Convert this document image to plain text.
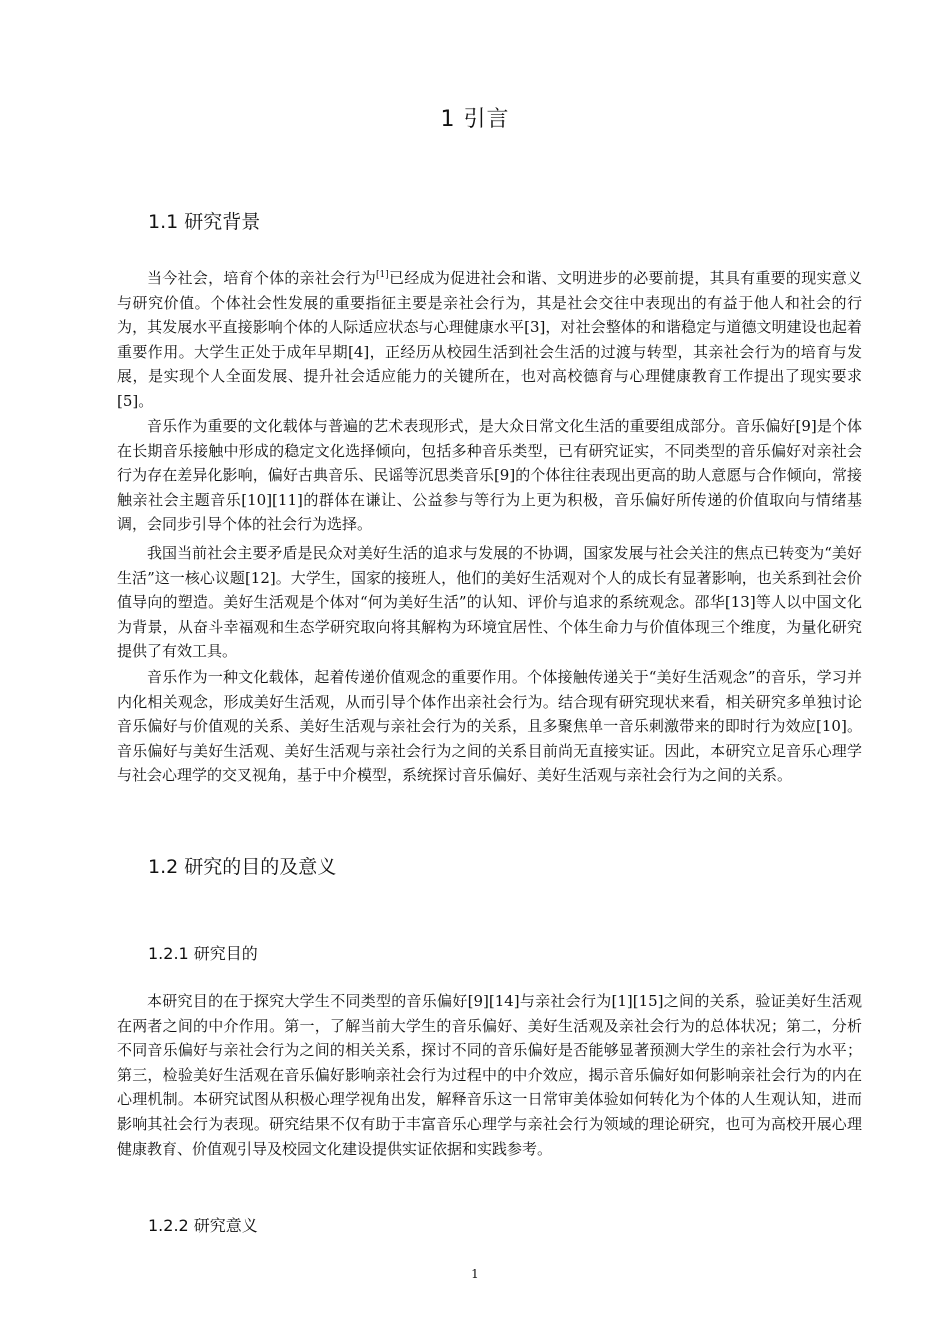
1 引言
1.1 研究背景

当今社会，培育个体的亲社会行为[1]已经成为促进社会和谐、文明进步的必要前提，其具有重要的现实意义与研究价值。个体社会性发展的重要指征主要是亲社会行为，其是社会交往中表现出的有益于他人和社会的行为，其发展水平直接影响个体的人际适应状态与心理健康水平[3]，对社会整体的和谐稳定与道德文明建设也起着重要作用。大学生正处于成年早期[4]，正经历从校园生活到社会生活的过渡与转型，其亲社会行为的培育与发展，是实现个人全面发展、提升社会适应能力的关键所在，也对高校德育与心理健康教育工作提出了现实要求[5]。

音乐作为重要的文化载体与普遍的艺术表现形式，是大众日常文化生活的重要组成部分。音乐偏好[9]是个体在长期音乐接触中形成的稳定文化选择倾向，包括多种音乐类型，已有研究证实，不同类型的音乐偏好对亲社会行为存在差异化影响，偏好古典音乐、民谣等沉思类音乐[9]的个体往往表现出更高的助人意愿与合作倾向，常接触亲社会主题音乐[10][11]的群体在谦让、公益参与等行为上更为积极，音乐偏好所传递的价值取向与情绪基调，会同步引导个体的社会行为选择。

我国当前社会主要矛盾是民众对美好生活的追求与发展的不协调，国家发展与社会关注的焦点已转变为“美好生活”这一核心议题[12]。大学生，国家的接班人，他们的美好生活观对个人的成长有显著影响，也关系到社会价值导向的塑造。美好生活观是个体对“何为美好生活”的认知、评价与追求的系统观念。邵华[13]等人以中国文化为背景，从奋斗幸福观和生态学研究取向将其解构为环境宜居性、个体生命力与价值体现三个维度，为量化研究提供了有效工具。

音乐作为一种文化载体，起着传递价值观念的重要作用。个体接触传递关于“美好生活观念”的音乐，学习并内化相关观念，形成美好生活观，从而引导个体作出亲社会行为。结合现有研究现状来看，相关研究多单独讨论音乐偏好与价值观的关系、美好生活观与亲社会行为的关系，且多聚焦单一音乐刺激带来的即时行为效应[10]。音乐偏好与美好生活观、美好生活观与亲社会行为之间的关系目前尚无直接实证。因此，本研究立足音乐心理学与社会心理学的交叉视角，基于中介模型，系统探讨音乐偏好、美好生活观与亲社会行为之间的关系。

1.2 研究的目的及意义
1.2.1 研究目的

本研究目的在于探究大学生不同类型的音乐偏好[9][14]与亲社会行为[1][15]之间的关系，验证美好生活观在两者之间的中介作用。第一，了解当前大学生的音乐偏好、美好生活观及亲社会行为的总体状况；第二，分析不同音乐偏好与亲社会行为之间的相关关系，探讨不同的音乐偏好是否能够显著预测大学生的亲社会行为水平；第三，检验美好生活观在音乐偏好影响亲社会行为过程中的中介效应，揭示音乐偏好如何影响亲社会行为的内在心理机制。本研究试图从积极心理学视角出发，解释音乐这一日常审美体验如何转化为个体的人生观认知，进而影响其社会行为表现。研究结果不仅有助于丰富音乐心理学与亲社会行为领域的理论研究，也可为高校开展心理健康教育、价值观引导及校园文化建设提供实证依据和实践参考。

1.2.2 研究意义
1
